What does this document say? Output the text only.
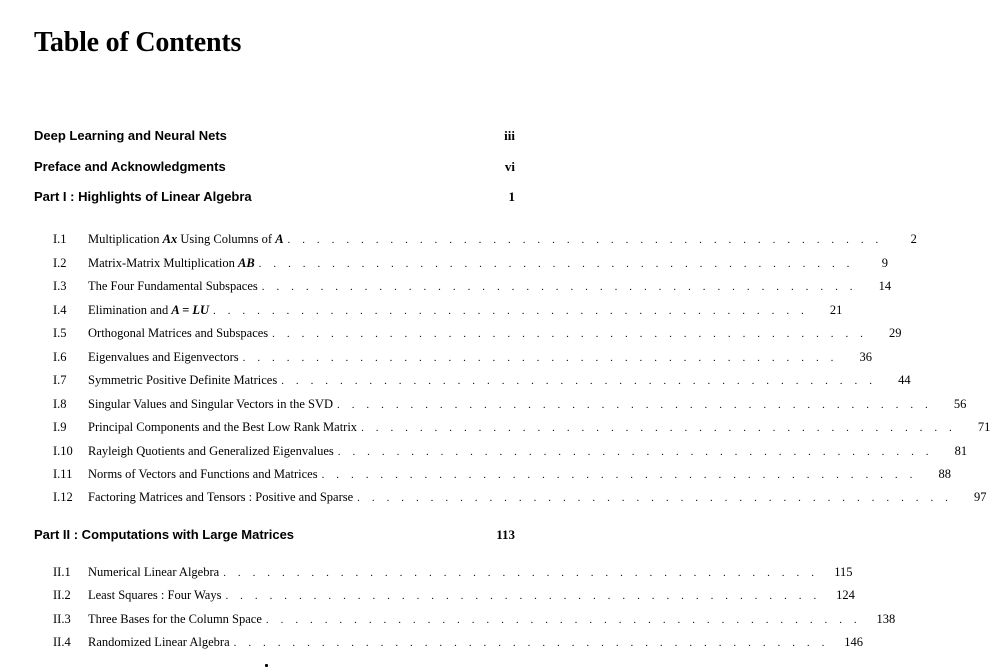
Table of Contents
Deep Learning and Neural Nets	iii
Preface and Acknowledgments	vi
Part I : Highlights of Linear Algebra	1
I.1	Multiplication Ax Using Columns of A . . . . . . . . . . . . . . . . . . . . . . . . . . . . . . . . . . . . . . . . .	2
I.2	Matrix-Matrix Multiplication AB . . . . . . . . . . . . . . . . . . . . . . . . . . . . . . . . . . . . . . . . .	9
I.3	The Four Fundamental Subspaces . . . . . . . . . . . . . . . . . . . . . . . . . . . . . . . . . . . . . . . . .	14
I.4	Elimination and A = LU . . . . . . . . . . . . . . . . . . . . . . . . . . . . . . . . . . . . . . . . .	21
I.5	Orthogonal Matrices and Subspaces . . . . . . . . . . . . . . . . . . . . . . . . . . . . . . . . . . . . . . . . .	29
I.6	Eigenvalues and Eigenvectors . . . . . . . . . . . . . . . . . . . . . . . . . . . . . . . . . . . . . . . . .	36
I.7	Symmetric Positive Definite Matrices . . . . . . . . . . . . . . . . . . . . . . . . . . . . . . . . . . . . . . . . .	44
I.8	Singular Values and Singular Vectors in the SVD . . . . . . . . . . . . . . . . . . . . . . . . . . . . . . . . . . . . . . . . .	56
I.9	Principal Components and the Best Low Rank Matrix . . . . . . . . . . . . . . . . . . . . . . . . . . . . . . . . . . . . . . . . .	71
I.10	Rayleigh Quotients and Generalized Eigenvalues . . . . . . . . . . . . . . . . . . . . . . . . . . . . . . . . . . . . . . . . .	81
I.11	Norms of Vectors and Functions and Matrices . . . . . . . . . . . . . . . . . . . . . . . . . . . . . . . . . . . . . . . . .	88
I.12	Factoring Matrices and Tensors : Positive and Sparse . . . . . . . . . . . . . . . . . . . . . . . . . . . . . . . . . . . . . . . . .	97
Part II : Computations with Large Matrices	113
II.1	Numerical Linear Algebra . . . . . . . . . . . . . . . . . . . . . . . . . . . . . . . . . . . . . . . . .	115
II.2	Least Squares : Four Ways . . . . . . . . . . . . . . . . . . . . . . . . . . . . . . . . . . . . . . . . .	124
II.3	Three Bases for the Column Space . . . . . . . . . . . . . . . . . . . . . . . . . . . . . . . . . . . . . . . . .	138
II.4	Randomized Linear Algebra . . . . . . . . . . . . . . . . . . . . . . . . . . . . . . . . . . . . . . . . .	146
